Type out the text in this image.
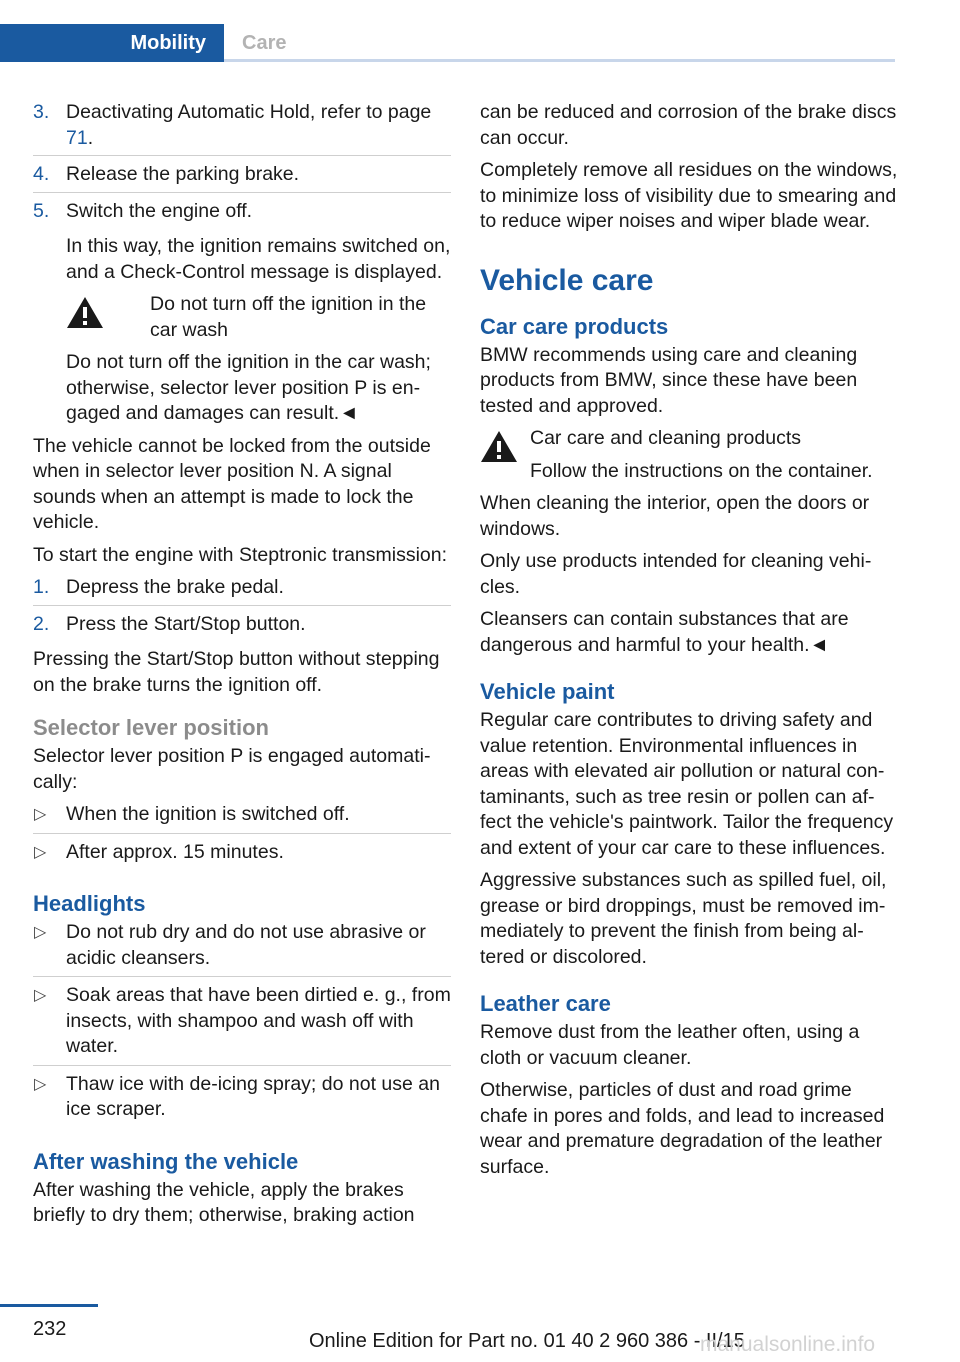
Mobility	Care
3. Deactivating Automatic Hold, refer to page 71.
4. Release the parking brake.
5. Switch the engine off.

In this way, the ignition remains switched on, and a Check-Control message is displayed.

Do not turn off the ignition in the car wash

Do not turn off the ignition in the car wash; otherwise, selector lever position P is engaged and damages can result.◄

The vehicle cannot be locked from the outside when in selector lever position N. A signal sounds when an attempt is made to lock the vehicle.

To start the engine with Steptronic transmission:

1. Depress the brake pedal.
2. Press the Start/Stop button.

Pressing the Start/Stop button without stepping on the brake turns the ignition off.

Selector lever position

Selector lever position P is engaged automatically:

▷ When the ignition is switched off.
▷ After approx. 15 minutes.
Headlights
▷ Do not rub dry and do not use abrasive or acidic cleansers.
▷ Soak areas that have been dirtied e. g., from insects, with shampoo and wash off with water.
▷ Thaw ice with de-icing spray; do not use an ice scraper.
After washing the vehicle

After washing the vehicle, apply the brakes briefly to dry them; otherwise, braking action

can be reduced and corrosion of the brake discs can occur.

Completely remove all residues on the windows, to minimize loss of visibility due to smearing and to reduce wiper noises and wiper blade wear.

Vehicle care
Car care products

BMW recommends using care and cleaning products from BMW, since these have been tested and approved.

Car care and cleaning products

Follow the instructions on the container.

When cleaning the interior, open the doors or windows.

Only use products intended for cleaning vehicles.

Cleansers can contain substances that are dangerous and harmful to your health.◄

Vehicle paint

Regular care contributes to driving safety and value retention. Environmental influences in areas with elevated air pollution or natural contaminants, such as tree resin or pollen can affect the vehicle's paintwork. Tailor the frequency and extent of your car care to these influences.

Aggressive substances such as spilled fuel, oil, grease or bird droppings, must be removed immediately to prevent the finish from being altered or discolored.

Leather care

Remove dust from the leather often, using a cloth or vacuum cleaner.

Otherwise, particles of dust and road grime chafe in pores and folds, and lead to increased wear and premature degradation of the leather surface.

232
Online Edition for Part no. 01 40 2 960 386 - II/15
manualsonline.info
